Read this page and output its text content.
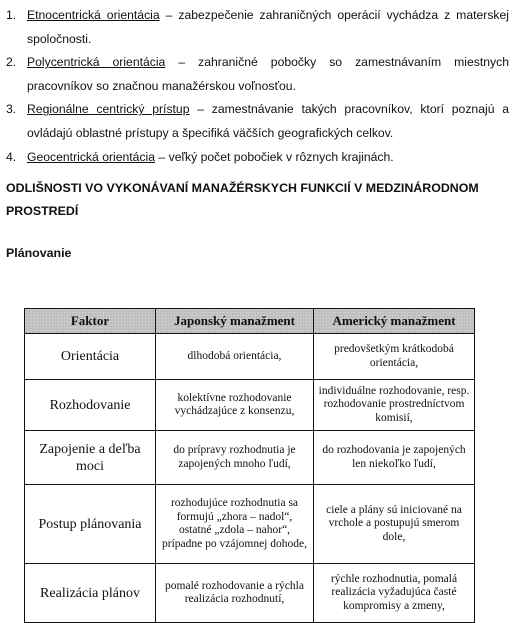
1. Etnocentrická orientácia – zabezpečenie zahraničných operácií vychádza z materskej spoločnosti.
2. Polycentrická orientácia – zahraničné pobočky so zamestnávaním miestnych pracovníkov so značnou manažérskou voľnosťou.
3. Regionálne centrický prístup – zamestnávanie takých pracovníkov, ktorí poznajú a ovládajú oblastné prístupy a špecifiká väčších geografických celkov.
4. Geocentrická orientácia – veľký počet pobočiek v rôznych krajinách.
ODLIŠNOSTI VO VYKONÁVANÍ MANAŽÉRSKYCH FUNKCIÍ V MEDZINÁRODNOM PROSTREDÍ
Plánovanie
Faktor	Japonský manažment	Americký manažment
Orientácia	dlhodobá orientácia,	predovšetkým krátkodobá orientácia,
Rozhodovanie	kolektívne rozhodovanie vychádzajúce z konsenzu,	individuálne rozhodovanie, resp. rozhodovanie prostredníctvom komisií,
Zapojenie a deľba moci	do prípravy rozhodnutia je zapojených mnoho ľudí,	do rozhodovania je zapojených len niekoľko ľudí,
Postup plánovania	rozhodujúce rozhodnutia sa formujú „zhora – nadol“, ostatné „zdola – nahor“, prípadne po vzájomnej dohode,	ciele a plány sú iniciované na vrchole a postupujú smerom dole,
Realizácia plánov	pomalé rozhodovanie a rýchla realizácia rozhodnutí,	rýchle rozhodnutia, pomalá realizácia vyžadujúca časté kompromisy a zmeny,
